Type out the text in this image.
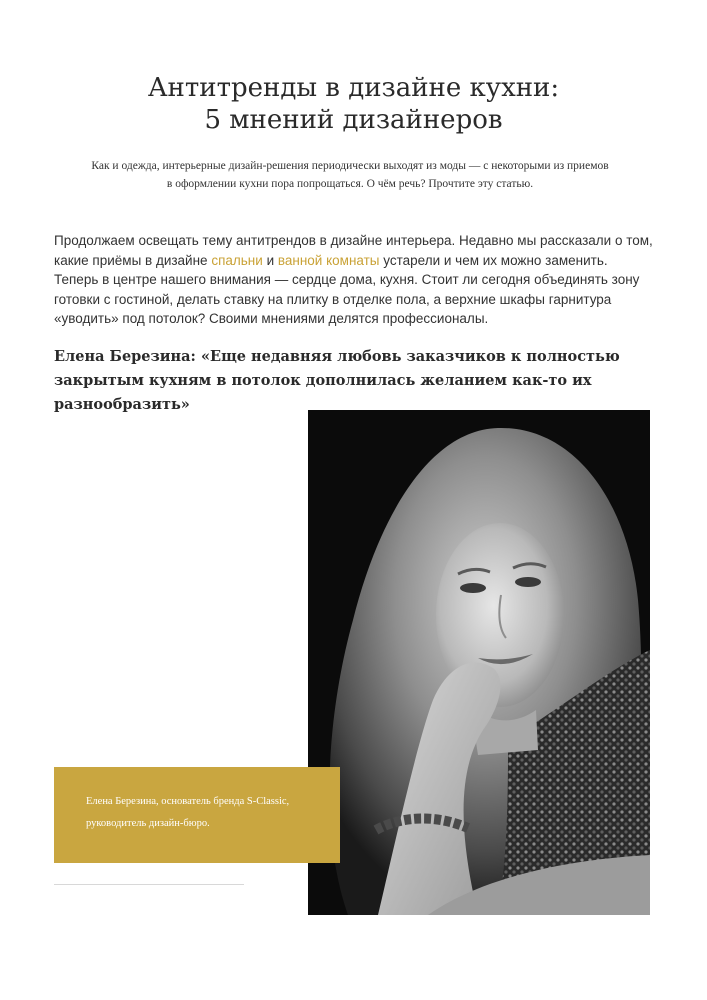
Антитренды в дизайне кухни:
5 мнений дизайнеров

Как и одежда, интерьерные дизайн-решения периодически выходят из моды — с некоторыми из приемов в оформлении кухни пора попрощаться. О чём речь? Прочтите эту статью.

Продолжаем освещать тему антитрендов в дизайне интерьера. Недавно мы рассказали о том, какие приёмы в дизайне спальни и ванной комнаты устарели и чем их можно заменить. Теперь в центре нашего внимания — сердце дома, кухня. Стоит ли сегодня объединять зону готовки с гостиной, делать ставку на плитку в отделке пола, а верхние шкафы гарнитура «уводить» под потолок? Своими мнениями делятся профессионалы.

Елена Березина: «Еще недавняя любовь заказчиков к полностью закрытым кухням в потолок дополнилась желанием как-то их разнообразить»

Елена Березина, основатель бренда S-Classic, руководитель дизайн-бюро.
